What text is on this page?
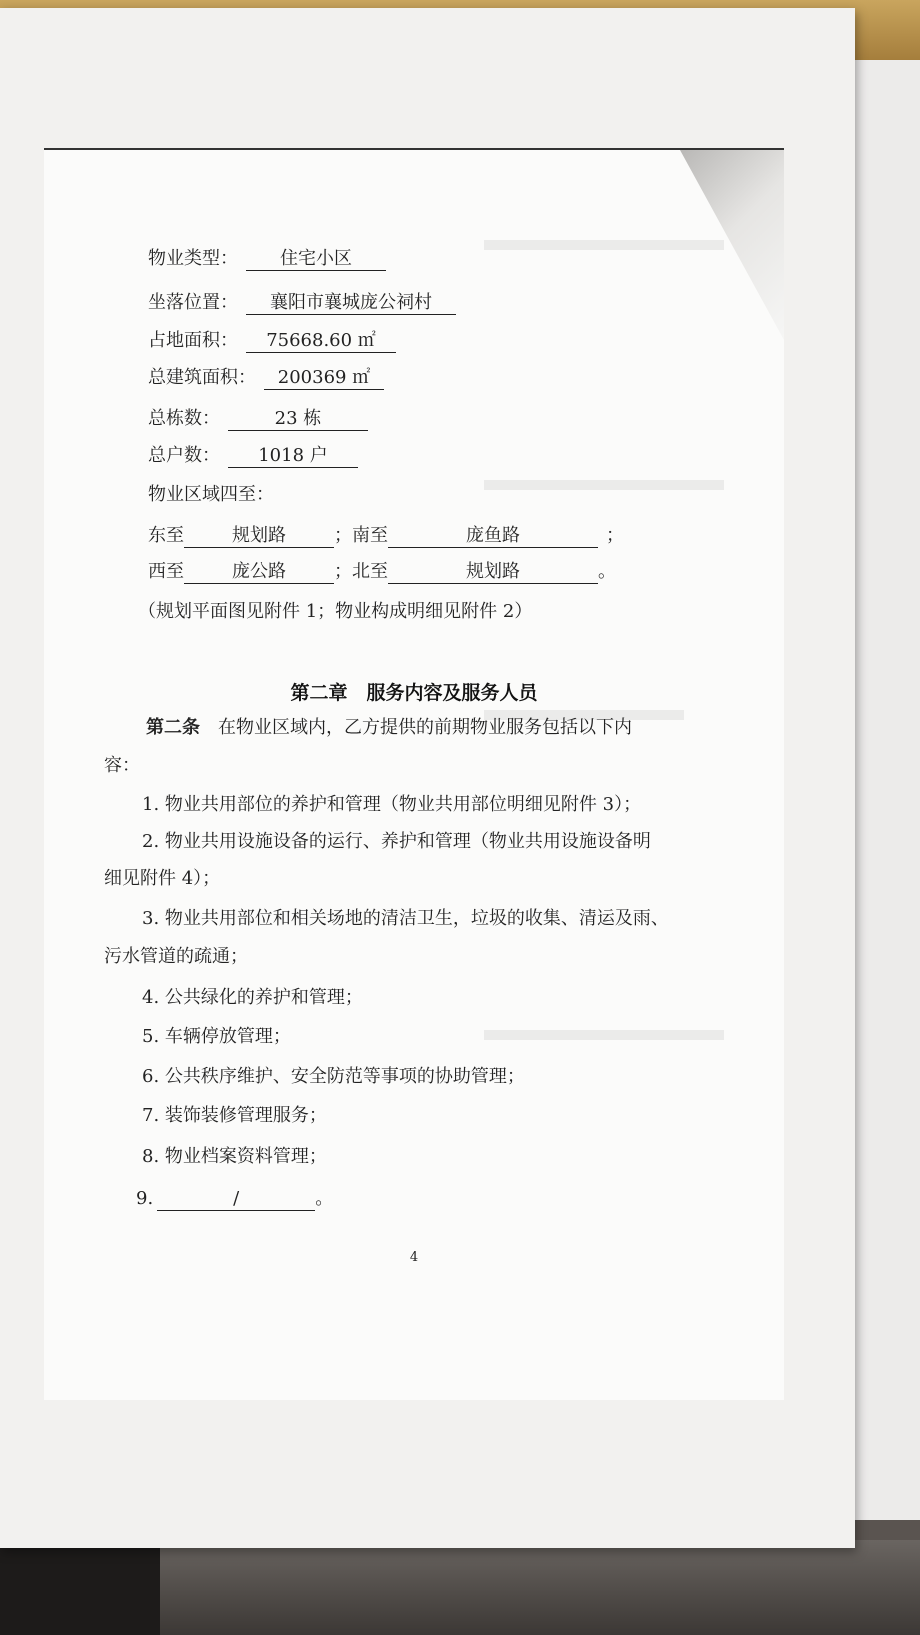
物业类型： 住宅小区
坐落位置： 襄阳市襄城庞公祠村
占地面积： 75668.60 ㎡
总建筑面积： 200369 ㎡
总栋数：	23 栋
总户数： 1018 户
物业区域四至：
东至	规划路	；南至	庞鱼路	；
西至	庞公路	；北至	规划路	。
（规划平面图见附件 1；物业构成明细见附件 2）
第二章　服务内容及服务人员
第二条　在物业区域内，乙方提供的前期物业服务包括以下内
容：
1. 物业共用部位的养护和管理（物业共用部位明细见附件 3）；
2. 物业共用设施设备的运行、养护和管理（物业共用设施设备明
细见附件 4）；
3. 物业共用部位和相关场地的清洁卫生，垃圾的收集、清运及雨、
污水管道的疏通；
4. 公共绿化的养护和管理；
5. 车辆停放管理；
6. 公共秩序维护、安全防范等事项的协助管理；
7. 装饰装修管理服务；
8. 物业档案资料管理；
9.	/	。
4
